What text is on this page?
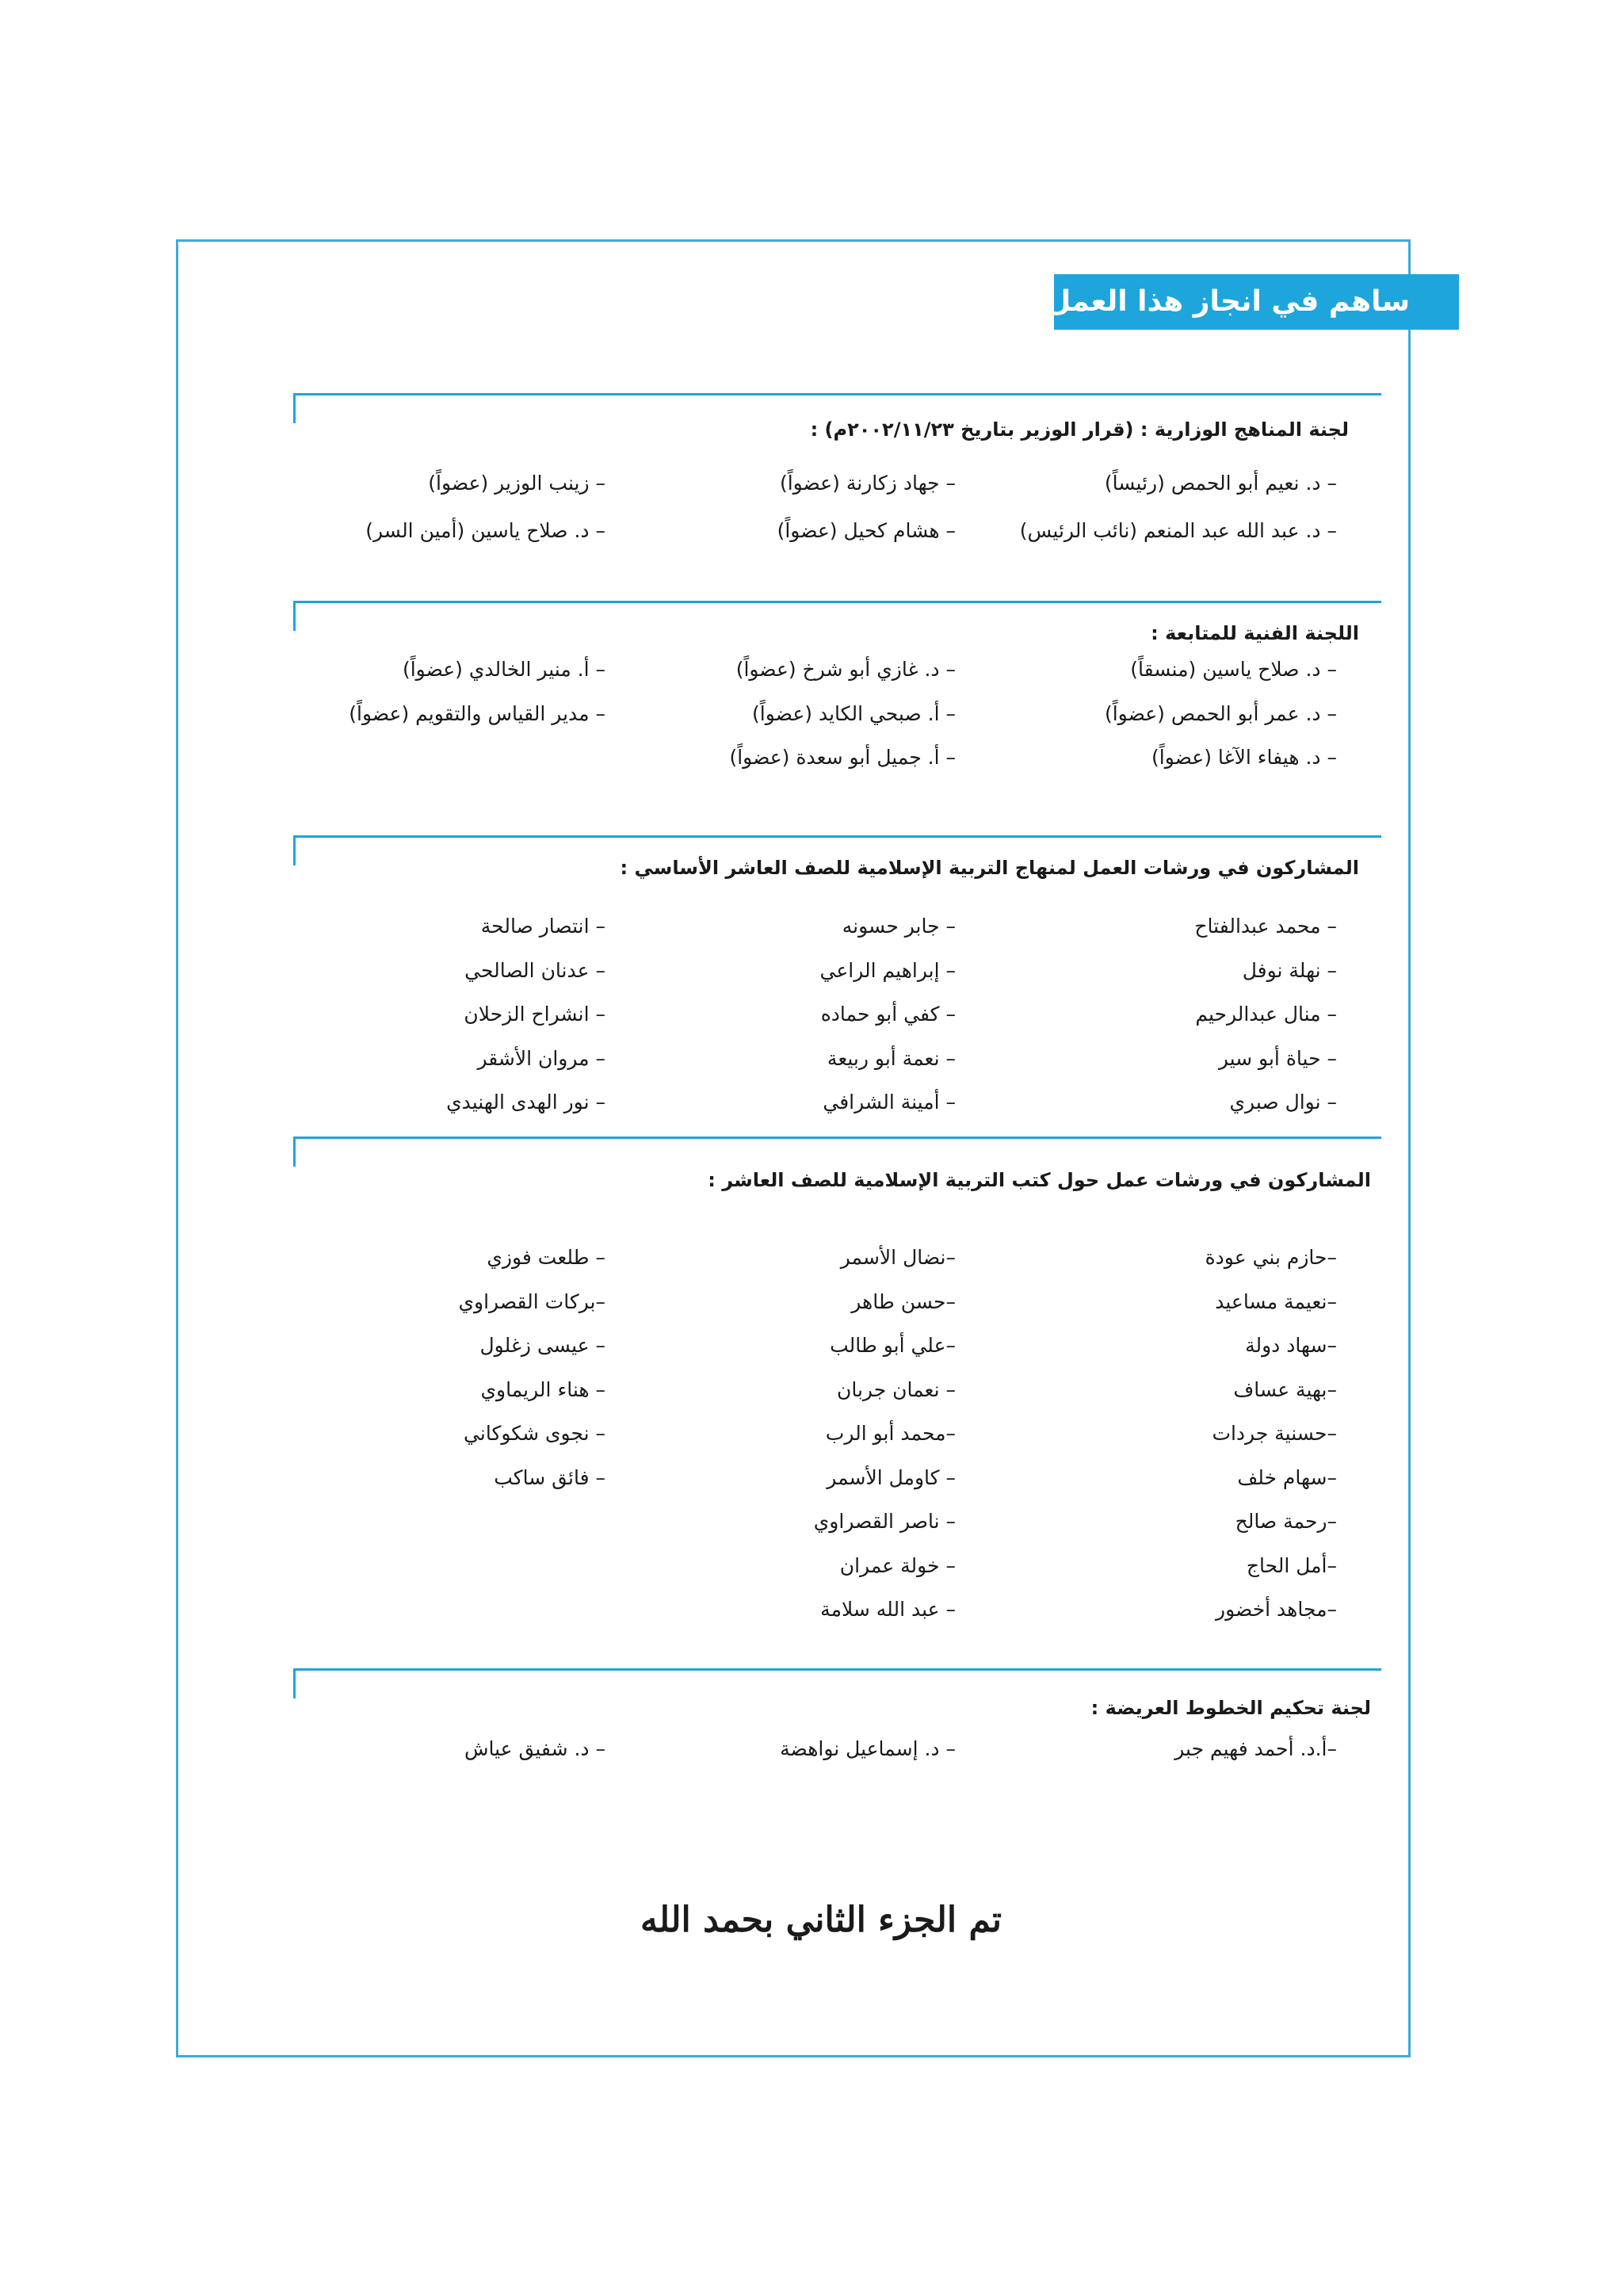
ساهم في انجاز هذا العمل:
لجنة المناهج الوزارية : (قرار الوزير بتاريخ ٢٠٠٢/١١/٢٣م) :
– د. نعيم أبو الحمص (رئيساً)
– جهاد زكارنة (عضواً)
– زينب الوزير (عضواً)
– د. عبد الله عبد المنعم (نائب الرئيس)
– هشام كحيل (عضواً)
– د. صلاح ياسين (أمين السر)
اللجنة الفنية للمتابعة :
– د. صلاح ياسين (منسقاً)
– د. غازي أبو شرخ (عضواً)
– أ. منير الخالدي (عضواً)
– د. عمر أبو الحمص (عضواً)
– أ. صبحي الكايد (عضواً)
– مدير القياس والتقويم (عضواً)
– د. هيفاء الآغا (عضواً)
– أ. جميل أبو سعدة (عضواً)
المشاركون في ورشات العمل لمنهاج التربية الإسلامية للصف العاشر الأساسي :
– محمد عبدالفتاح
– جابر حسونه
– انتصار صالحة
– نهلة نوفل
– إبراهيم الراعي
– عدنان الصالحي
– منال عبدالرحيم
– كفي أبو حماده
– انشراح الزحلان
– حياة أبو سير
– نعمة أبو ربيعة
– مروان الأشقر
– نوال صبري
– أمينة الشرافي
– نور الهدى الهنيدي
المشاركون في ورشات عمل حول كتب التربية الإسلامية للصف العاشر :
–حازم بني عودة
–نضال الأسمر
– طلعت فوزي
–نعيمة مساعيد
–حسن طاهر
–بركات القصراوي
–سهاد دولة
–علي أبو طالب
– عيسى زغلول
–بهية عساف
– نعمان جربان
– هناء الريماوي
–حسنية جردات
–محمد أبو الرب
– نجوى شكوكاني
–سهام خلف
– كاومل الأسمر
– فائق ساكب
–رحمة صالح
– ناصر القصراوي
–أمل الحاج
– خولة عمران
–مجاهد أخضور
– عبد الله سلامة
لجنة تحكيم الخطوط العريضة :
–أ.د. أحمد فهيم جبر
– د. إسماعيل نواهضة
– د. شفيق عياش
تم الجزء الثاني بحمد الله
